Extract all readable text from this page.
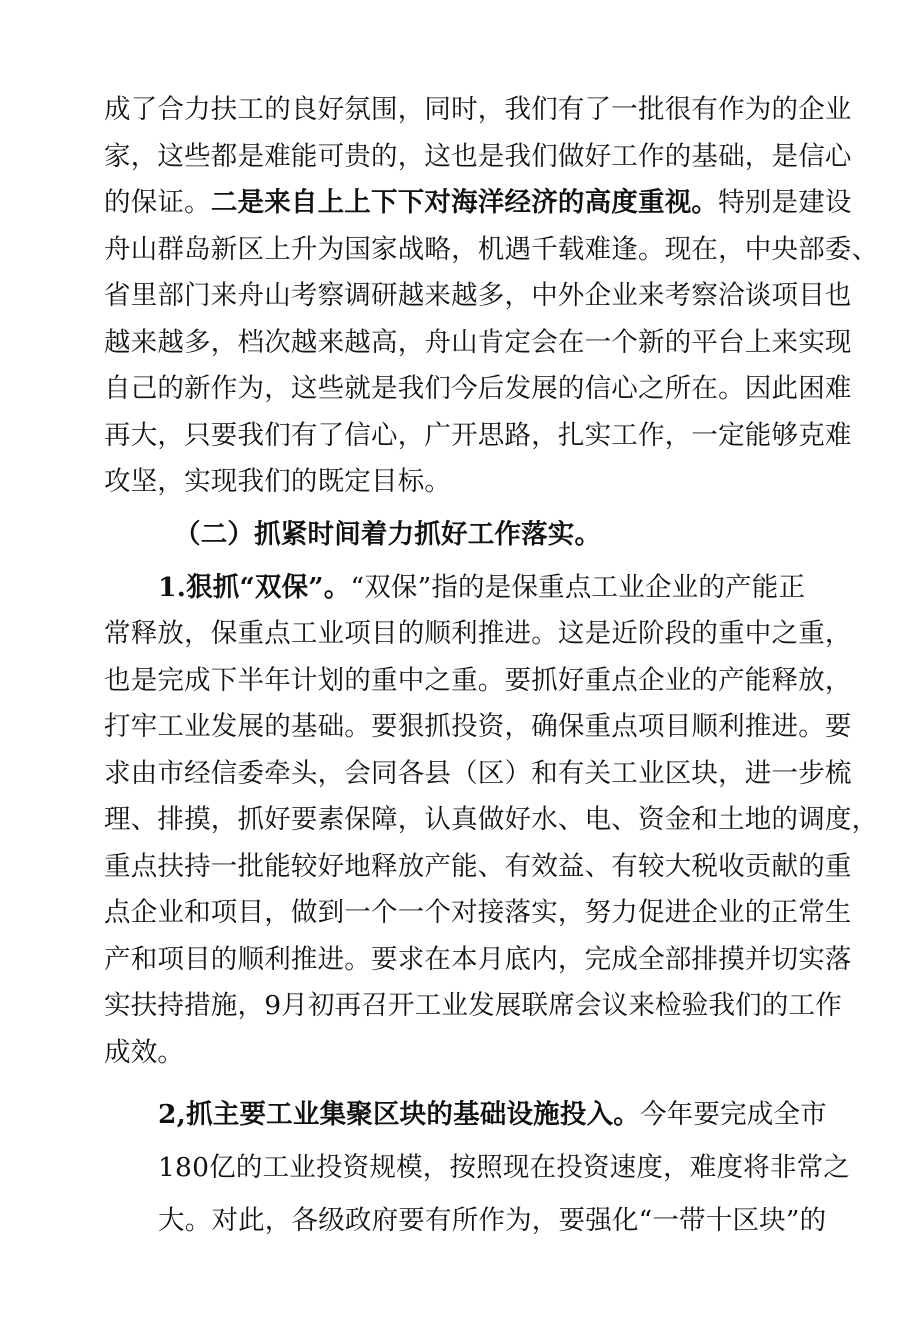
成了合力扶工的良好氛围，同时，我们有了一批很有作为的企业
家，这些都是难能可贵的，这也是我们做好工作的基础，是信心
的保证。二是来自上上下下对海洋经济的高度重视。特别是建设
舟山群岛新区上升为国家战略，机遇千载难逢。现在，中央部委、
省里部门来舟山考察调研越来越多，中外企业来考察洽谈项目也
越来越多，档次越来越高，舟山肯定会在一个新的平台上来实现
自己的新作为，这些就是我们今后发展的信心之所在。因此困难
再大，只要我们有了信心，广开思路，扎实工作，一定能够克难
攻坚，实现我们的既定目标。
（二）抓紧时间着力抓好工作落实。
1.狠抓“双保”。“双保”指的是保重点工业企业的产能正
常释放，保重点工业项目的顺利推进。这是近阶段的重中之重，
也是完成下半年计划的重中之重。要抓好重点企业的产能释放，
打牢工业发展的基础。要狠抓投资，确保重点项目顺利推进。要
求由市经信委牵头，会同各县（区）和有关工业区块，进一步梳
理、排摸，抓好要素保障，认真做好水、电、资金和土地的调度，
重点扶持一批能较好地释放产能、有效益、有较大税收贡献的重
点企业和项目，做到一个一个对接落实，努力促进企业的正常生
产和项目的顺利推进。要求在本月底内，完成全部排摸并切实落
实扶持措施，9月初再召开工业发展联席会议来检验我们的工作
成效。
2,抓主要工业集聚区块的基础设施投入。今年要完成全市
180亿的工业投资规模，按照现在投资速度，难度将非常之
大。对此，各级政府要有所作为，要强化“一带十区块”的
